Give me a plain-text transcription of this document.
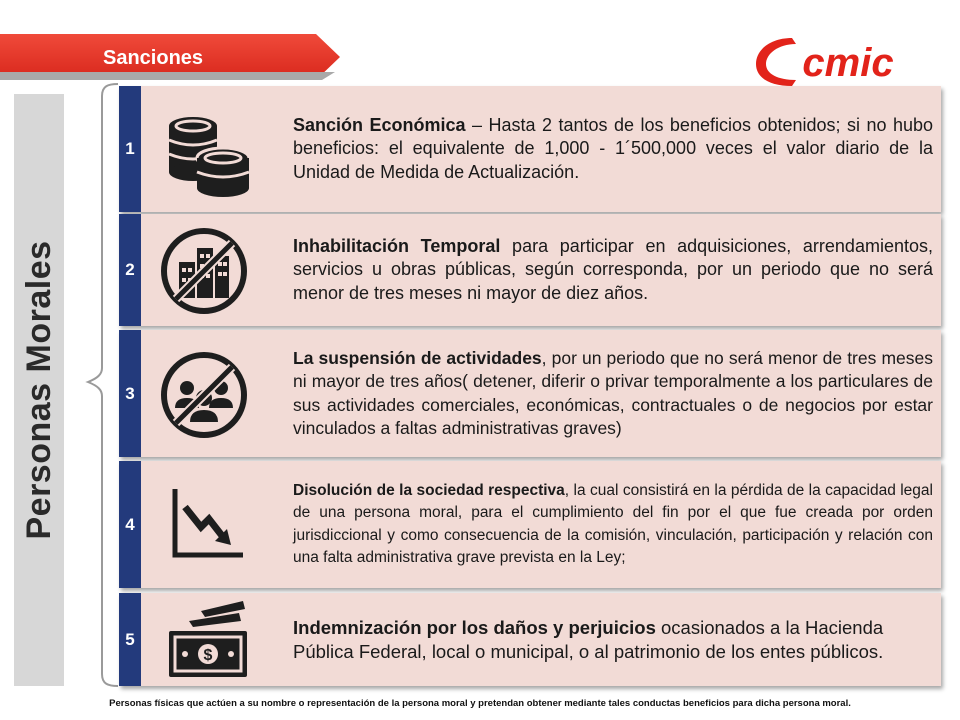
Sanciones	cmic
Personas Morales
1

Sanción Económica – Hasta 2 tantos de los beneficios obtenidos; si no hubo beneficios: el equivalente de 1,000 - 1´500,000 veces el valor diario de la Unidad de Medida de Actualización.

2

Inhabilitación Temporal para participar en adquisiciones, arrendamientos, servicios u obras públicas, según corresponda, por un periodo que no será menor de tres meses ni mayor de diez años.

3

La suspensión de actividades, por un periodo que no será menor de tres meses ni mayor de tres años( detener, diferir o privar temporalmente a los particulares de sus actividades comerciales, económicas, contractuales o de negocios por estar vinculados a faltas administrativas graves)

4

Disolución de la sociedad respectiva, la cual consistirá en la pérdida de la capacidad legal de una persona moral, para el cumplimiento del fin por el que fue creada por orden jurisdiccional y como consecuencia de la comisión, vinculación, participación y relación con una falta administrativa grave prevista en la Ley;

5
$

Indemnización por los daños y perjuicios ocasionados a la Hacienda Pública Federal, local o municipal, o al patrimonio de los entes públicos.

Personas físicas que actúen a su nombre o representación de la persona moral y pretendan obtener mediante tales conductas beneficios para dicha persona moral.
